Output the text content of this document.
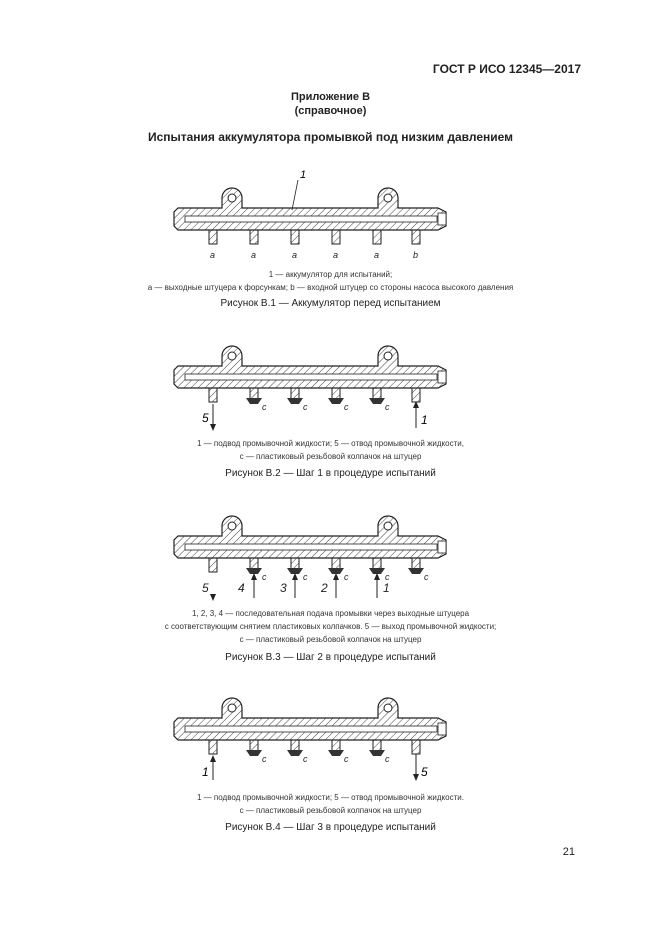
ГОСТ Р ИСО 12345—2017
Приложение В
(справочное)
Испытания аккумулятора промывкой под низким давлением
1
a	a	a	a	a	b
1 — аккумулятор для испытаний;
a — выходные штуцера к форсункам; b — входной штуцер со стороны насоса высокого давления
Рисунок В.1 — Аккумулятор перед испытанием
c	c	c	c
5	1
1 — подвод промывочной жидкости; 5 — отвод промывочной жидкости,
c — пластиковый резьбовой колпачок на штуцер
Рисунок В.2 — Шаг 1 в процедуре испытаний
c	c	c	c	c
5 4	3	2	1
1, 2, 3, 4 — последовательная подача промывки через выходные штуцера
с соответствующим снятием пластиковых колпачков. 5 — выход промывочной жидкости;
c — пластиковый резьбовой колпачок на штуцер
Рисунок В.3 — Шаг 2 в процедуре испытаний
c	c	c	c
1	5
1 — подвод промывочной жидкости; 5 — отвод промывочной жидкости.
c — пластиковый резьбовой колпачок на штуцер
Рисунок В.4 — Шаг 3 в процедуре испытаний
21
